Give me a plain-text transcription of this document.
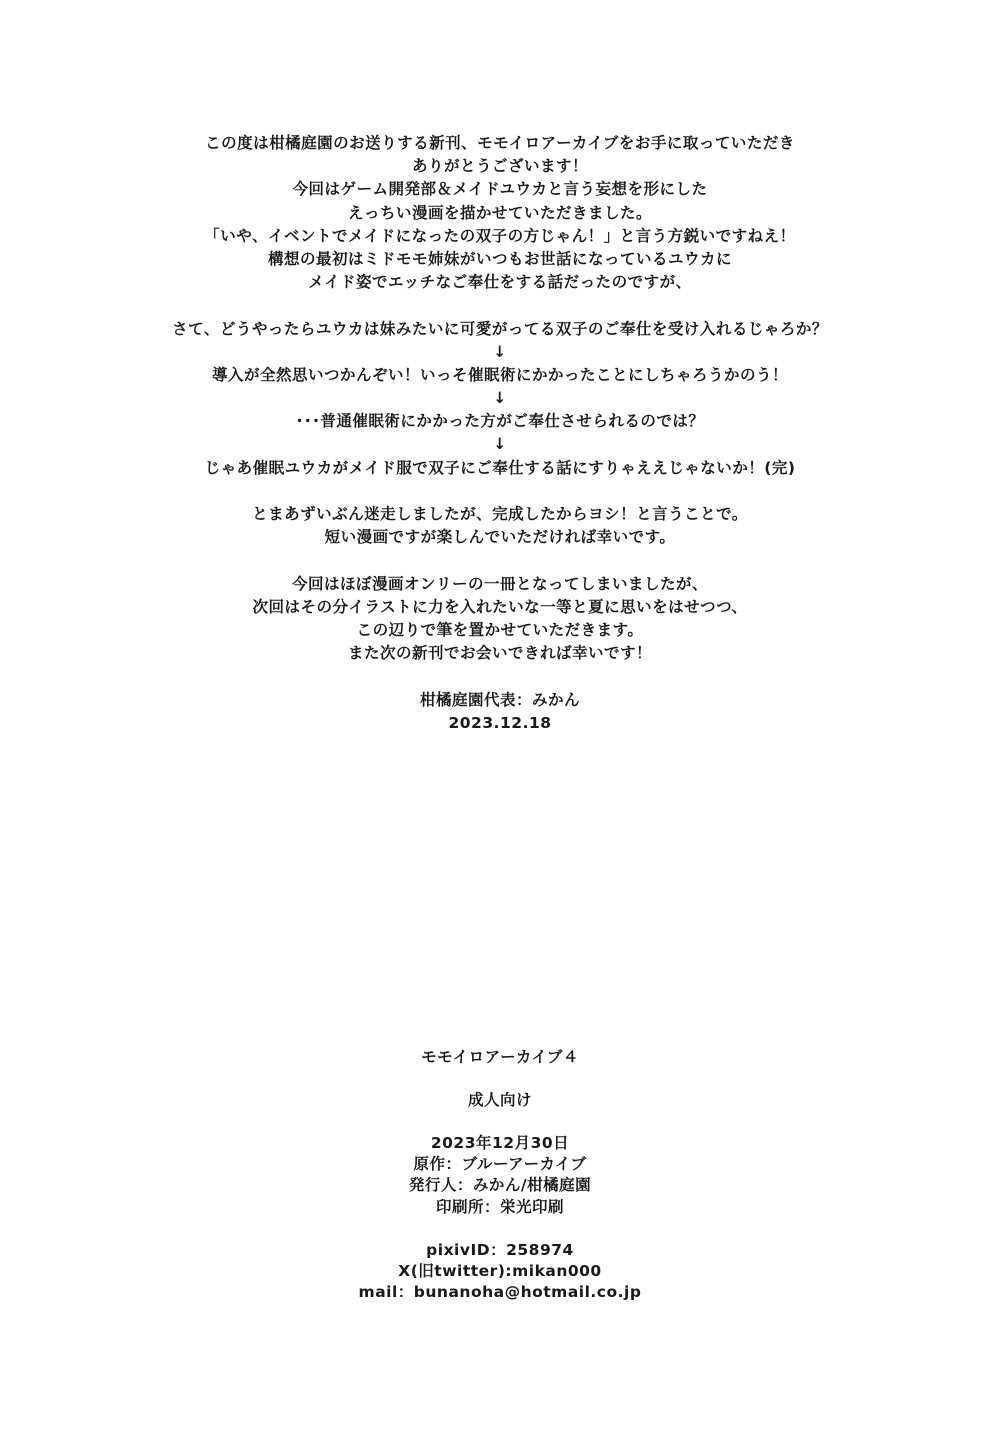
この度は柑橘庭園のお送りする新刊、モモイロアーカイブをお手に取っていただき
ありがとうございます！
今回はゲーム開発部＆メイドユウカと言う妄想を形にした
えっちい漫画を描かせていただきました。
「いや、イベントでメイドになったの双子の方じゃん！」と言う方鋭いですねえ！
構想の最初はミドモモ姉妹がいつもお世話になっているユウカに
メイド姿でエッチなご奉仕をする話だったのですが、
さて、どうやったらユウカは妹みたいに可愛がってる双子のご奉仕を受け入れるじゃろか？
↓
導入が全然思いつかんぞい！いっそ催眠術にかかったことにしちゃろうかのう！
↓
･･･普通催眠術にかかった方がご奉仕させられるのでは？
↓
じゃあ催眠ユウカがメイド服で双子にご奉仕する話にすりゃええじゃないか！(完)
とまあずいぶん迷走しましたが、完成したからヨシ！と言うことで。
短い漫画ですが楽しんでいただければ幸いです。
今回はほぼ漫画オンリーの一冊となってしまいましたが、
次回はその分イラストに力を入れたいな一等と夏に思いをはせつつ、
この辺りで筆を置かせていただきます。
また次の新刊でお会いできれば幸いです！
柑橘庭園代表：みかん
2023.12.18
モモイロアーカイブ４
成人向け
2023年12月30日
原作：ブルーアーカイブ
発行人：みかん/柑橘庭園
印刷所：栄光印刷
pixivID：258974
X(旧twitter):mikan000
mail：bunanoha@hotmail.co.jp
